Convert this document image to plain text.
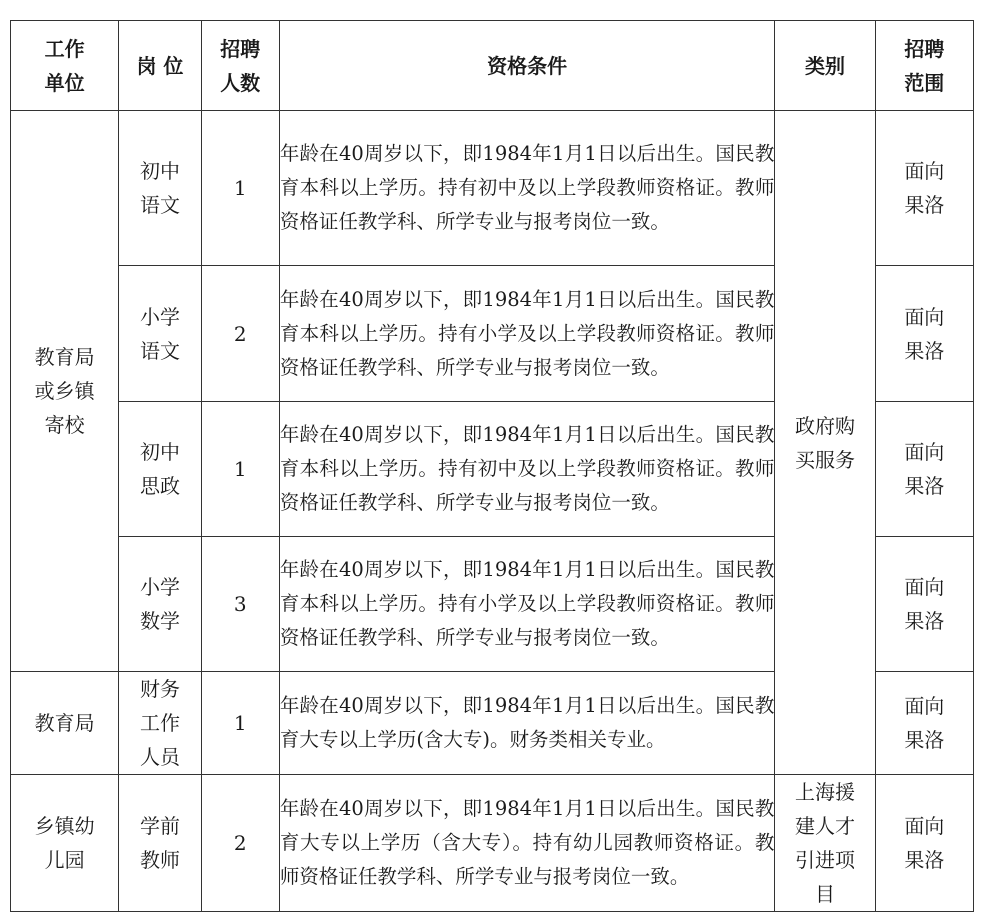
工作单位	岗 位	招聘人数	资格条件	类别	招聘范围
教育局或乡镇寄校	初中语文	1	年龄在40周岁以下，即1984年1月1日以后出生。国民教育本科以上学历。持有初中及以上学段教师资格证。教师资格证任教学科、所学专业与报考岗位一致。	政府购买服务	面向果洛
	小学语文	2	年龄在40周岁以下，即1984年1月1日以后出生。国民教育本科以上学历。持有小学及以上学段教师资格证。教师资格证任教学科、所学专业与报考岗位一致。		面向果洛
	初中思政	1	年龄在40周岁以下，即1984年1月1日以后出生。国民教育本科以上学历。持有初中及以上学段教师资格证。教师资格证任教学科、所学专业与报考岗位一致。		面向果洛
	小学数学	3	年龄在40周岁以下，即1984年1月1日以后出生。国民教育本科以上学历。持有小学及以上学段教师资格证。教师资格证任教学科、所学专业与报考岗位一致。		面向果洛
教育局	财务工作人员	1	年龄在40周岁以下，即1984年1月1日以后出生。国民教育大专以上学历(含大专)。财务类相关专业。		面向果洛
乡镇幼儿园	学前教师	2	年龄在40周岁以下，即1984年1月1日以后出生。国民教育大专以上学历（含大专）。持有幼儿园教师资格证。教师资格证任教学科、所学专业与报考岗位一致。	上海援建人才引进项目	面向果洛
